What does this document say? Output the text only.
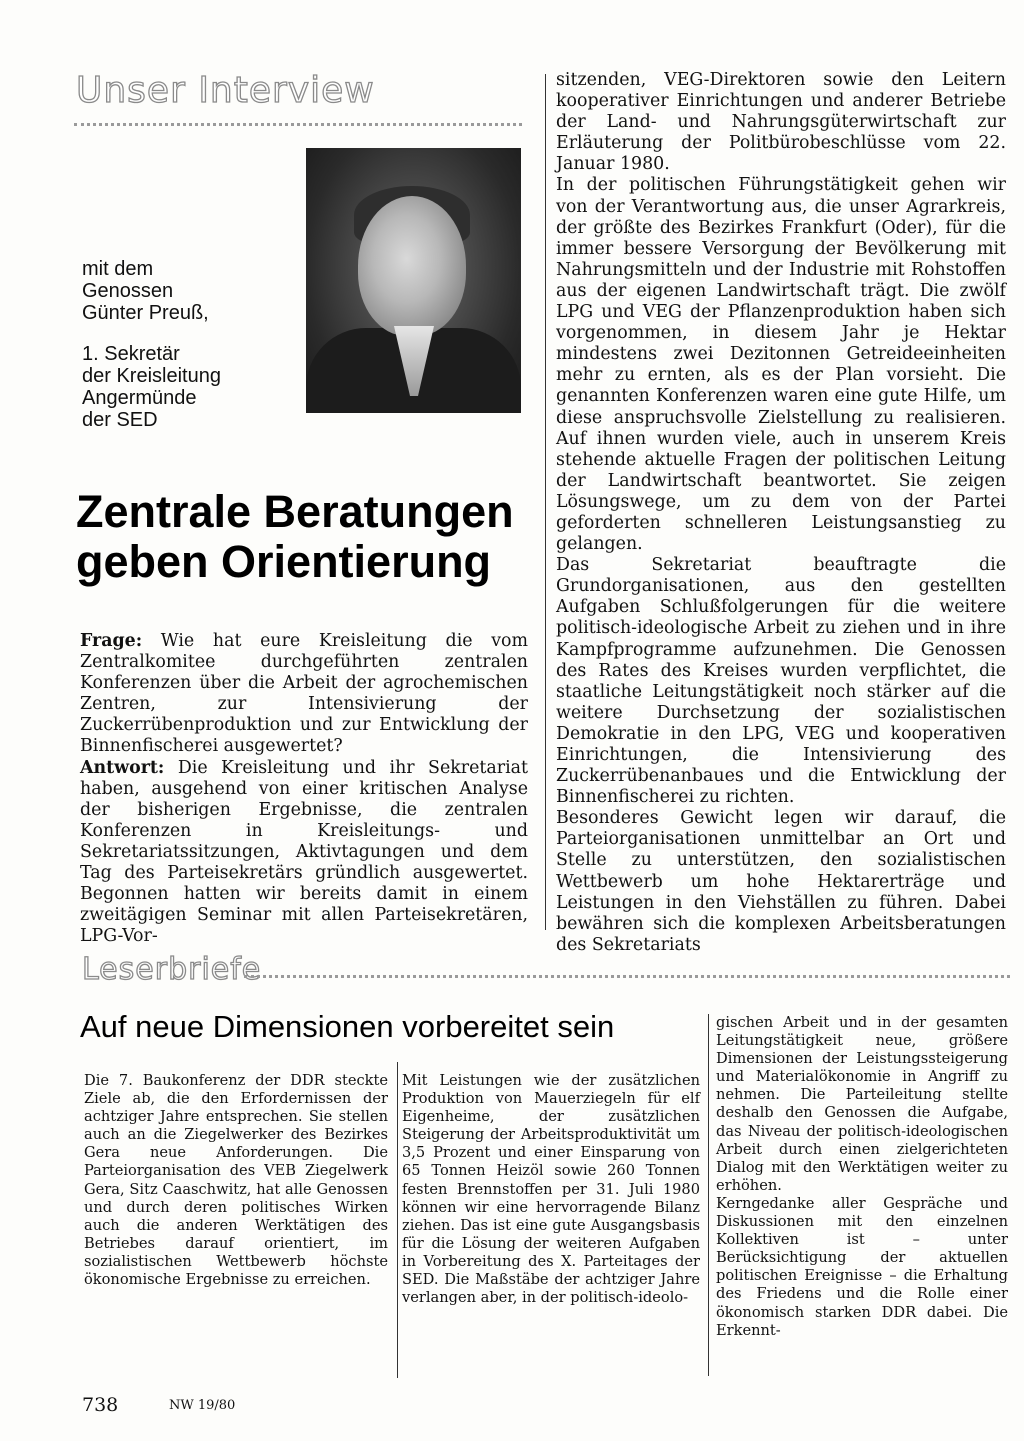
Unser Interview
mit dem
Genossen
Günter Preuß,
1. Sekretär
der Kreisleitung
Angermünde
der SED
Zentrale Beratungen
geben Orientierung

Frage: Wie hat eure Kreisleitung die vom Zentralkomitee durchgeführten zentralen Konferenzen über die Arbeit der agrochemischen Zentren, zur Intensivierung der Zuckerrübenproduktion und zur Entwicklung der Binnenfischerei ausgewertet?

Antwort: Die Kreisleitung und ihr Sekretariat haben, ausgehend von einer kritischen Analyse der bisherigen Ergebnisse, die zentralen Konferenzen in Kreisleitungs- und Sekretariatssitzungen, Aktivtagungen und dem Tag des Parteisekretärs gründlich ausgewertet. Begonnen hatten wir bereits damit in einem zweitägigen Seminar mit allen Parteisekretären, LPG-Vor-

sitzenden, VEG-Direktoren sowie den Leitern kooperativer Einrichtungen und anderer Betriebe der Land- und Nahrungsgüterwirtschaft zur Erläuterung der Politbürobeschlüsse vom 22. Januar 1980.

In der politischen Führungstätigkeit gehen wir von der Verantwortung aus, die unser Agrarkreis, der größte des Bezirkes Frankfurt (Oder), für die immer bessere Versorgung der Bevölkerung mit Nahrungsmitteln und der Industrie mit Rohstoffen aus der eigenen Landwirtschaft trägt. Die zwölf LPG und VEG der Pflanzenproduktion haben sich vorgenommen, in diesem Jahr je Hektar mindestens zwei Dezitonnen Getreideeinheiten mehr zu ernten, als es der Plan vorsieht. Die genannten Konferenzen waren eine gute Hilfe, um diese anspruchsvolle Zielstellung zu realisieren. Auf ihnen wurden viele, auch in unserem Kreis stehende aktuelle Fragen der politischen Leitung der Landwirtschaft beantwortet. Sie zeigen Lösungswege, um zu dem von der Partei geforderten schnelleren Leistungsanstieg zu gelangen.

Das Sekretariat beauftragte die Grundorganisationen, aus den gestellten Aufgaben Schlußfolgerungen für die weitere politisch-ideologische Arbeit zu ziehen und in ihre Kampfprogramme aufzunehmen. Die Genossen des Rates des Kreises wurden verpflichtet, die staatliche Leitungstätigkeit noch stärker auf die weitere Durchsetzung der sozialistischen Demokratie in den LPG, VEG und kooperativen Einrichtungen, die Intensivierung des Zuckerrübenanbaues und die Entwicklung der Binnenfischerei zu richten.

Besonderes Gewicht legen wir darauf, die Parteiorganisationen unmittelbar an Ort und Stelle zu unterstützen, den sozialistischen Wettbewerb um hohe Hektarerträge und Leistungen in den Viehställen zu führen. Dabei bewähren sich die komplexen Arbeitsberatungen des Sekretariats

Leserbriefe
Auf neue Dimensionen vorbereitet sein

Die 7. Baukonferenz der DDR steckte Ziele ab, die den Erfordernissen der achtziger Jahre entsprechen. Sie stellen auch an die Ziegelwerker des Bezirkes Gera neue Anforderungen. Die Parteiorganisation des VEB Ziegelwerk Gera, Sitz Caaschwitz, hat alle Genossen und durch deren politisches Wirken auch die anderen Werktätigen des Betriebes darauf orientiert, im sozialistischen Wettbewerb höchste ökonomische Ergebnisse zu erreichen.

Mit Leistungen wie der zusätzlichen Produktion von Mauerziegeln für elf Eigenheime, der zusätzlichen Steigerung der Arbeitsproduktivität um 3,5 Prozent und einer Einsparung von 65 Tonnen Heizöl sowie 260 Tonnen festen Brennstoffen per 31. Juli 1980 können wir eine hervorragende Bilanz ziehen. Das ist eine gute Ausgangsbasis für die Lösung der weiteren Aufgaben in Vorbereitung des X. Parteitages der SED. Die Maßstäbe der achtziger Jahre verlangen aber, in der politisch-ideolo-

gischen Arbeit und in der gesamten Leitungstätigkeit neue, größere Dimensionen der Leistungssteigerung und Materialökonomie in Angriff zu nehmen. Die Parteileitung stellte deshalb den Genossen die Aufgabe, das Niveau der politisch-ideologischen Arbeit durch einen zielgerichteten Dialog mit den Werktätigen weiter zu erhöhen.

Kerngedanke aller Gespräche und Diskussionen mit den einzelnen Kollektiven ist – unter Berücksichtigung der aktuellen politischen Ereignisse – die Erhaltung des Friedens und die Rolle einer ökonomisch starken DDR dabei. Die Erkennt-

738	NW 19/80
